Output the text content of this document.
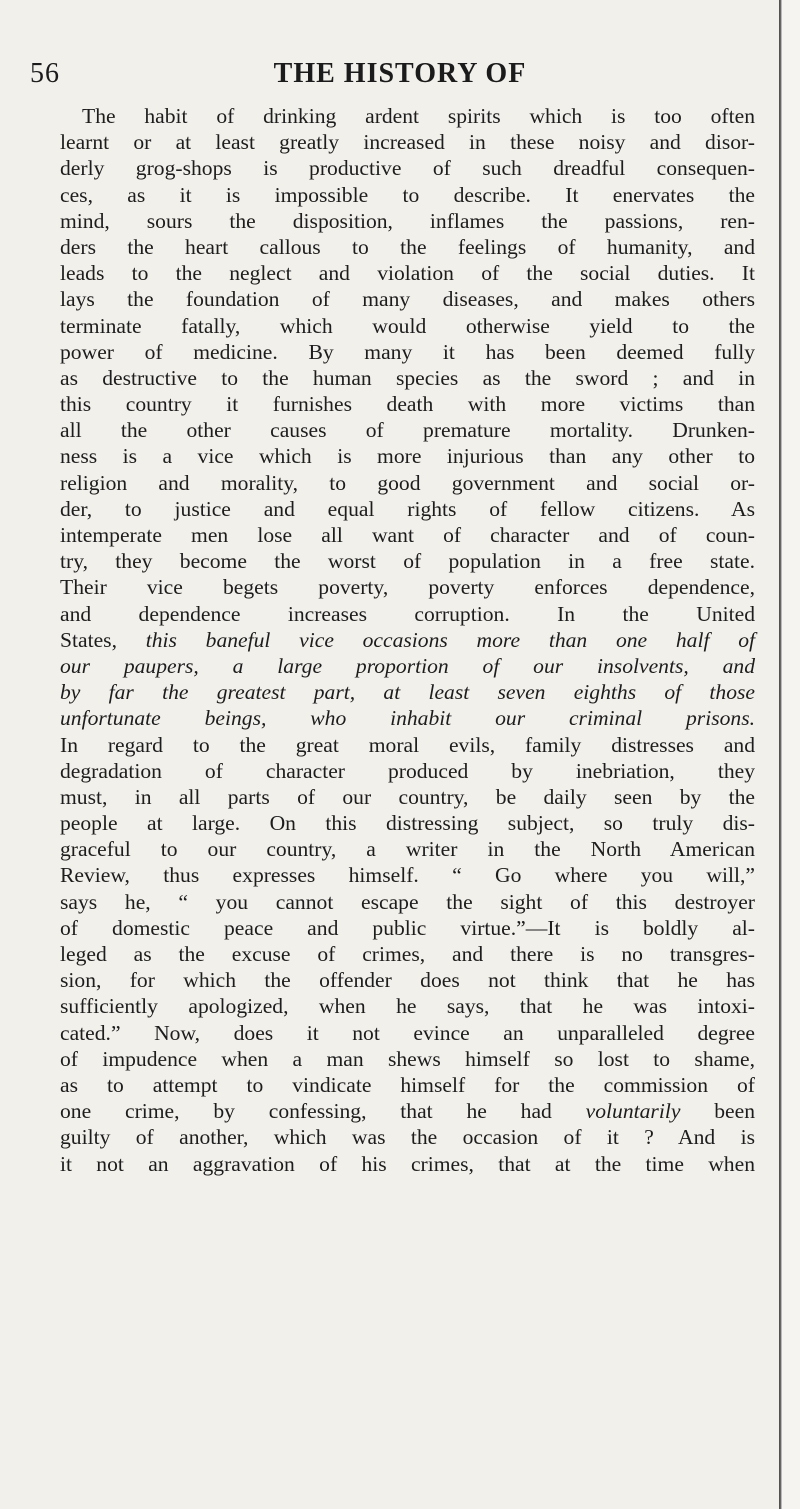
56	THE HISTORY OF
The habit of drinking ardent spirits which is too often
learnt or at least greatly increased in these noisy and disor-
derly grog-shops is productive of such dreadful consequen-
ces, as it is impossible to describe. It enervates the
mind, sours the disposition, inflames the passions, ren-
ders the heart callous to the feelings of humanity, and
leads to the neglect and violation of the social duties. It
lays the foundation of many diseases, and makes others
terminate fatally, which would otherwise yield to the
power of medicine. By many it has been deemed fully
as destructive to the human species as the sword ; and in
this country it furnishes death with more victims than
all the other causes of premature mortality. Drunken-
ness is a vice which is more injurious than any other to
religion and morality, to good government and social or-
der, to justice and equal rights of fellow citizens. As
intemperate men lose all want of character and of coun-
try, they become the worst of population in a free state.
Their vice begets poverty, poverty enforces dependence,
and dependence increases corruption. In the United
States, this baneful vice occasions more than one half of
our paupers, a large proportion of our insolvents, and
by far the greatest part, at least seven eighths of those
unfortunate beings, who inhabit our criminal prisons.
In regard to the great moral evils, family distresses and
degradation of character produced by inebriation, they
must, in all parts of our country, be daily seen by the
people at large. On this distressing subject, so truly dis-
graceful to our country, a writer in the North American
Review, thus expresses himself. “ Go where you will,”
says he, “ you cannot escape the sight of this destroyer
of domestic peace and public virtue.”—It is boldly al-
leged as the excuse of crimes, and there is no transgres-
sion, for which the offender does not think that he has
sufficiently apologized, when he says, that he was intoxi-
cated.” Now, does it not evince an unparalleled degree
of impudence when a man shews himself so lost to shame,
as to attempt to vindicate himself for the commission of
one crime, by confessing, that he had voluntarily been
guilty of another, which was the occasion of it ? And is
it not an aggravation of his crimes, that at the time when
